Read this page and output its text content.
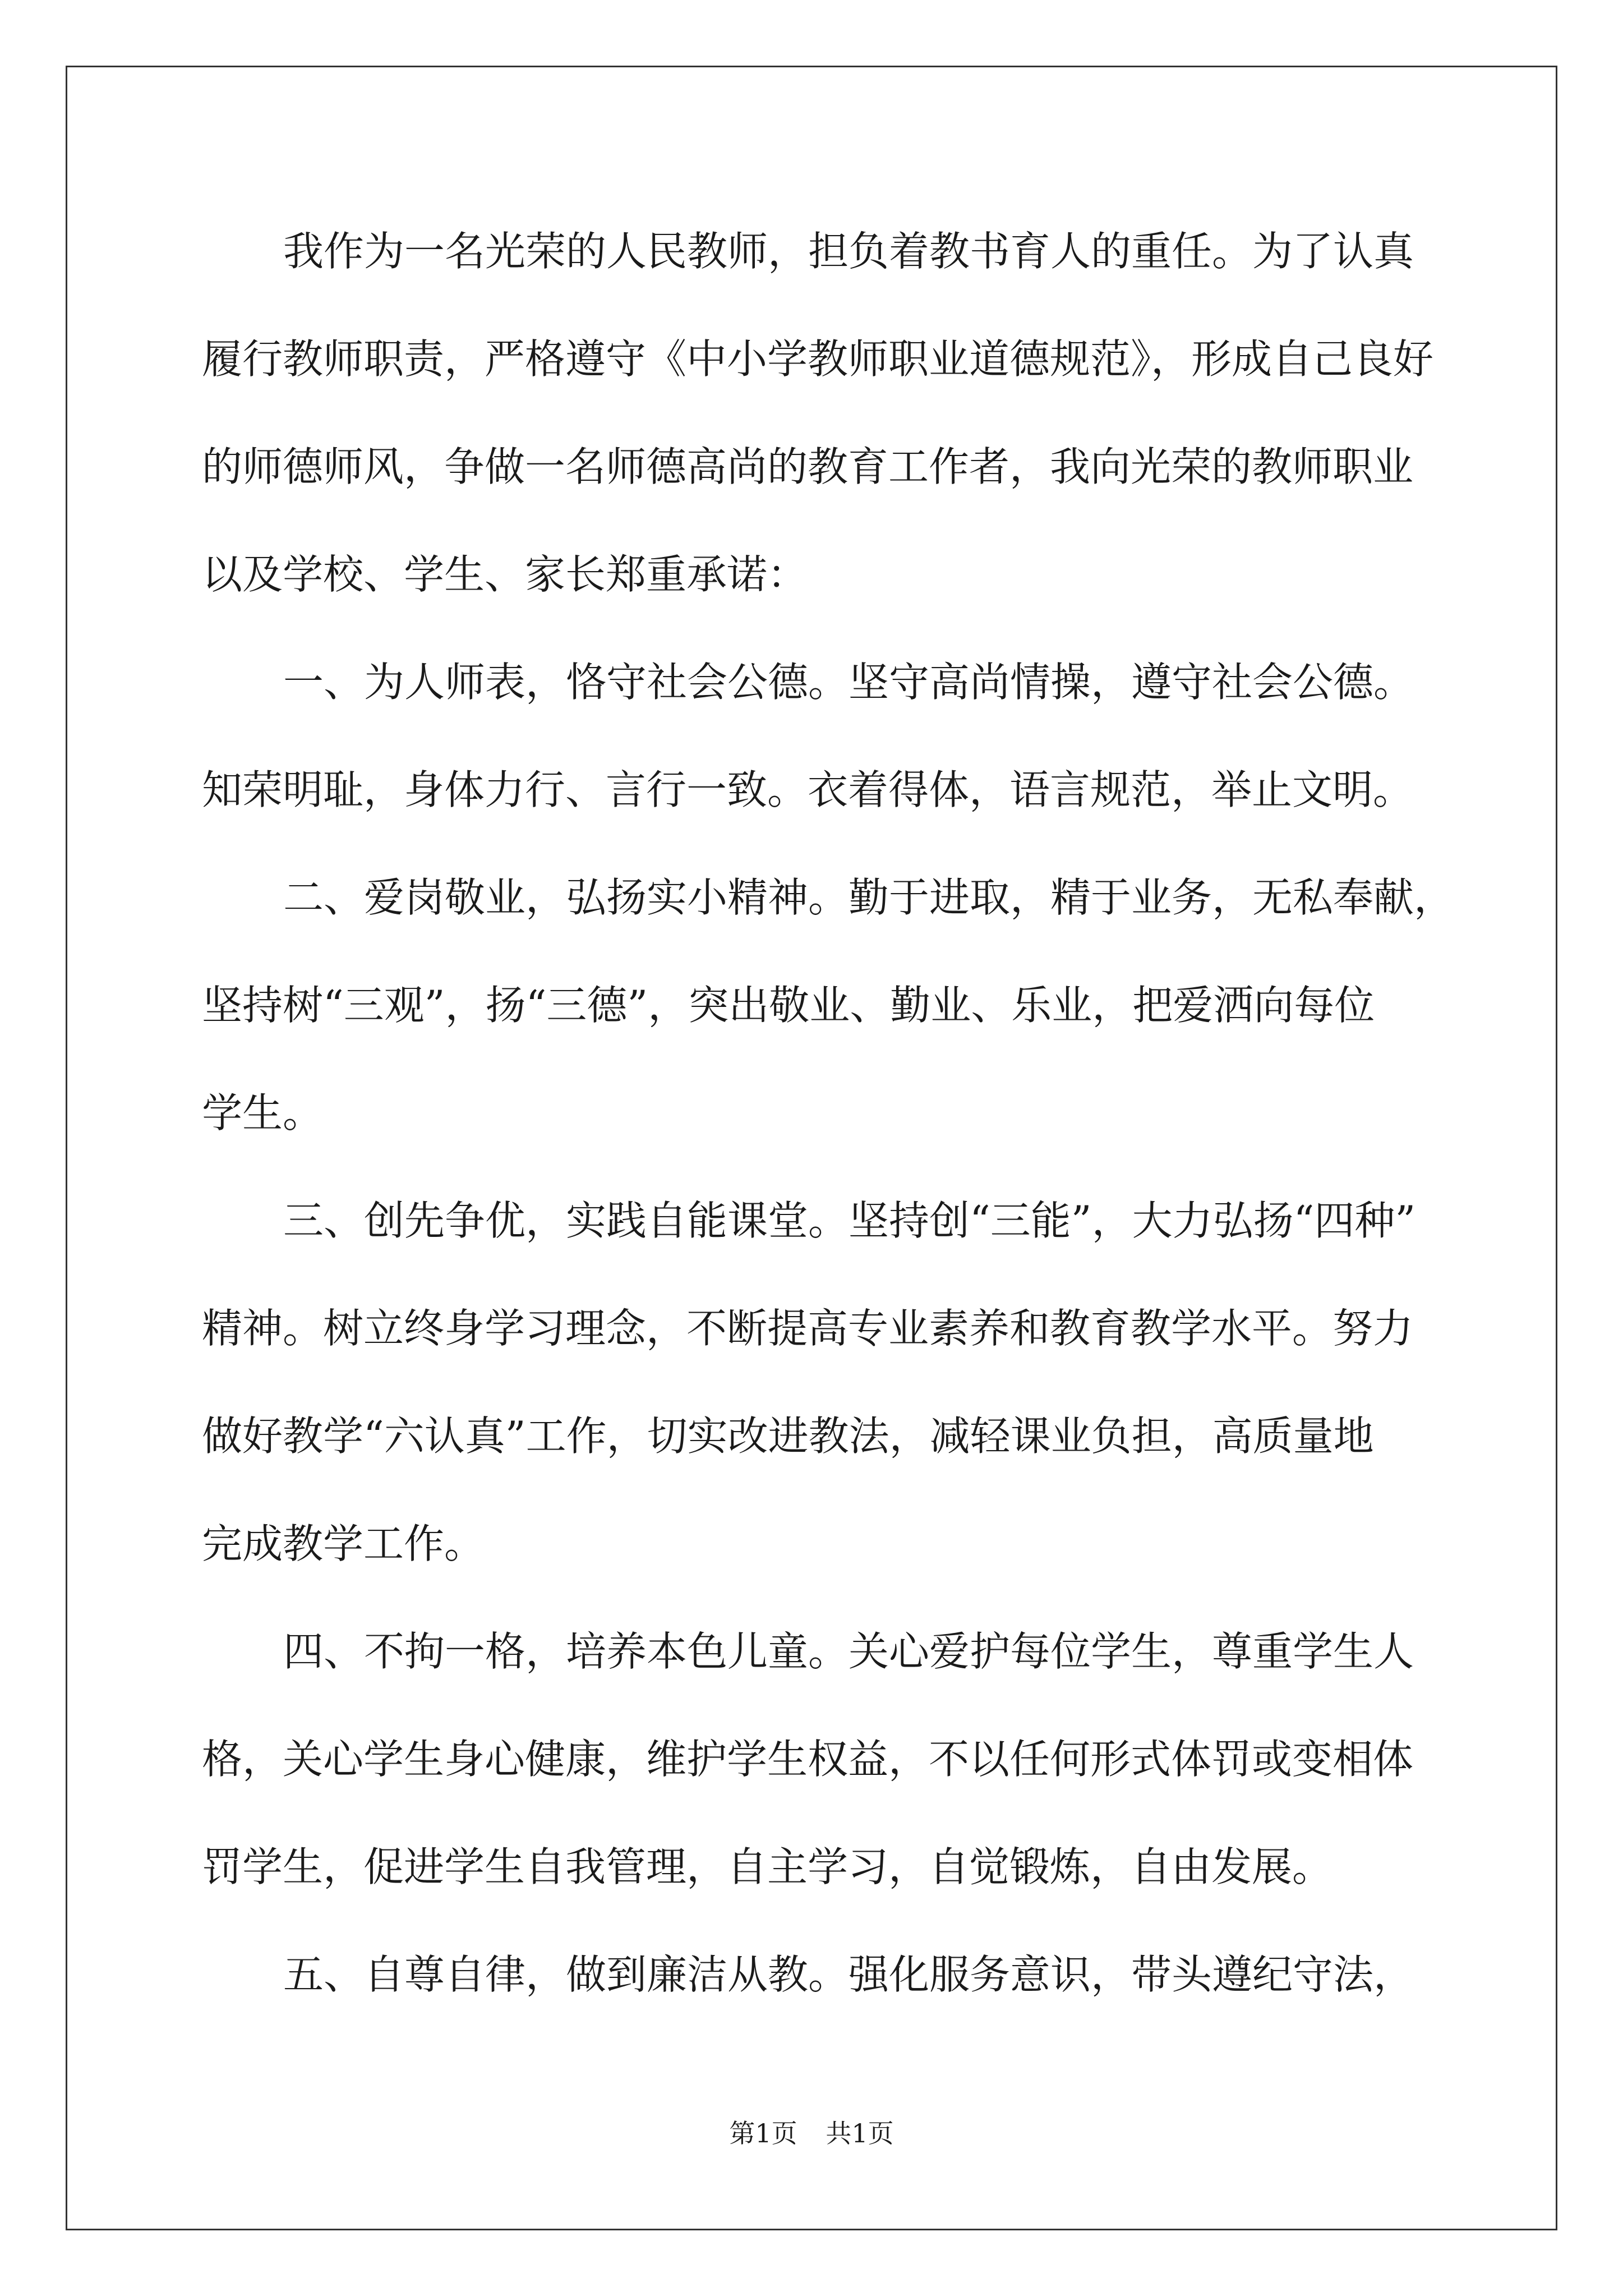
我作为一名光荣的人民教师，担负着教书育人的重任。为了认真
履行教师职责，严格遵守《中小学教师职业道德规范》，形成自己良好
的师德师风，争做一名师德高尚的教育工作者，我向光荣的教师职业
以及学校、学生、家长郑重承诺：
一、为人师表，恪守社会公德。坚守高尚情操，遵守社会公德。
知荣明耻，身体力行、言行一致。衣着得体，语言规范，举止文明。
二、爱岗敬业，弘扬实小精神。勤于进取，精于业务，无私奉献，
坚持树“三观”，扬“三德”，突出敬业、勤业、乐业，把爱洒向每位
学生。
三、创先争优，实践自能课堂。坚持创“三能”，大力弘扬“四种”
精神。树立终身学习理念，不断提高专业素养和教育教学水平。努力
做好教学“六认真”工作，切实改进教法，减轻课业负担，高质量地
完成教学工作。
四、不拘一格，培养本色儿童。关心爱护每位学生，尊重学生人
格，关心学生身心健康，维护学生权益，不以任何形式体罚或变相体
罚学生，促进学生自我管理，自主学习，自觉锻炼，自由发展。
五、自尊自律，做到廉洁从教。强化服务意识，带头遵纪守法，
第1页 共1页
